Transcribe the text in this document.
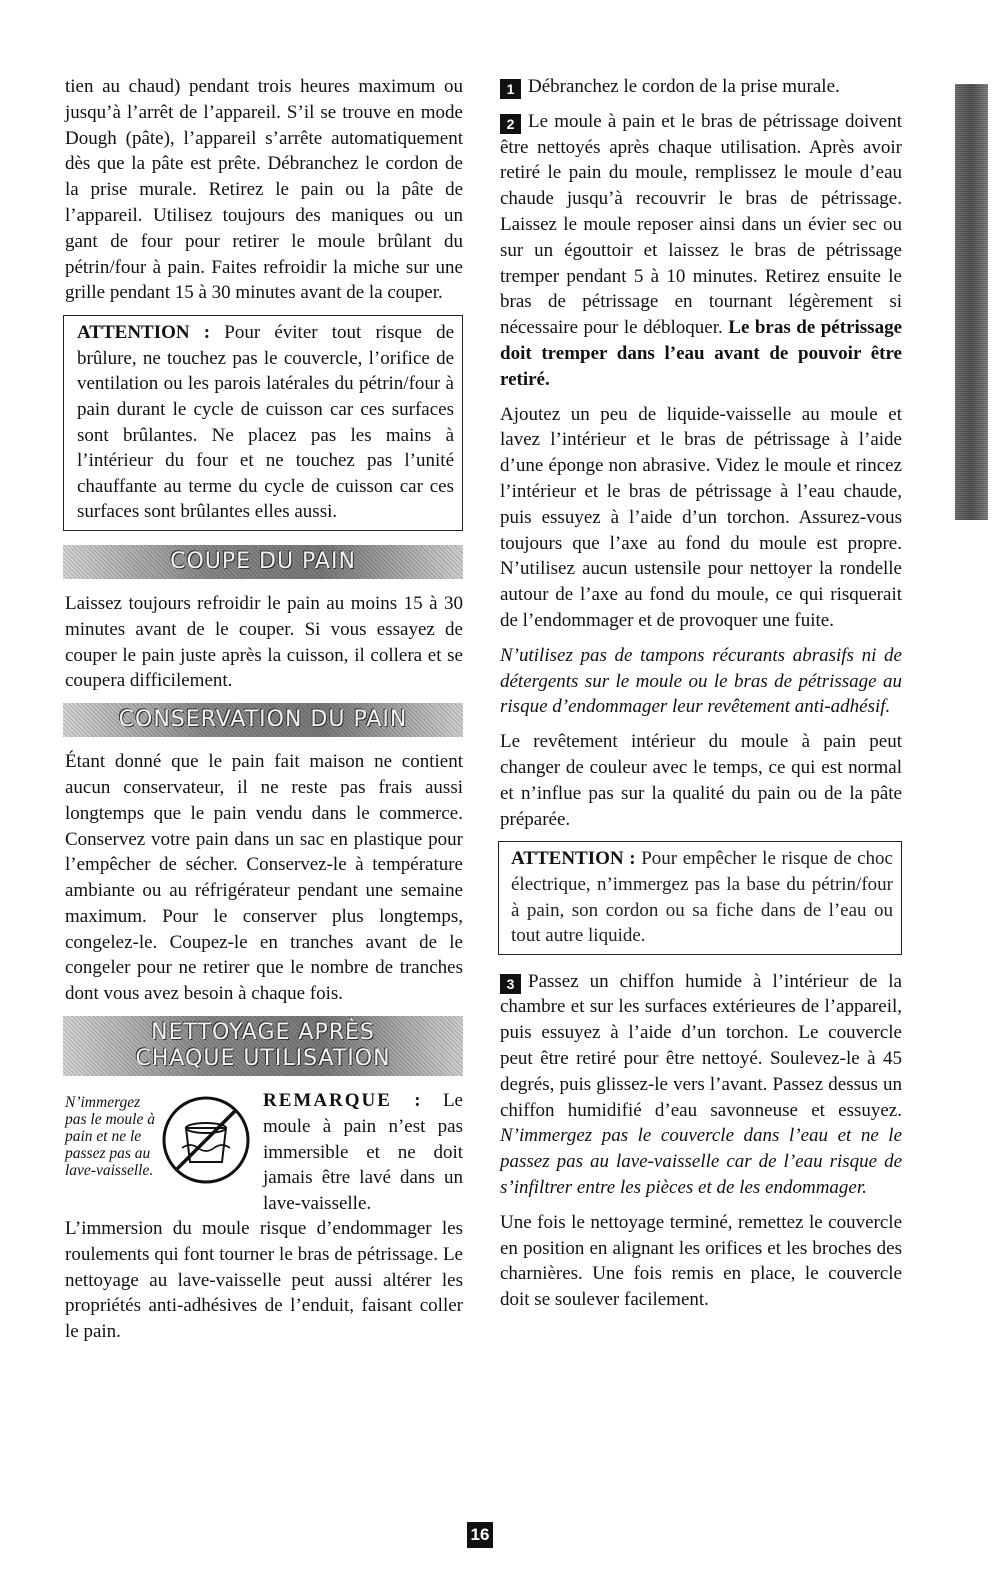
tien au chaud) pendant trois heures maximum ou jusqu’à l’arrêt de l’appareil. S’il se trouve en mode Dough (pâte), l’appareil s’arrête automatiquement dès que la pâte est prête. Débranchez le cordon de la prise murale. Retirez le pain ou la pâte de l’appareil. Utilisez toujours des maniques ou un gant de four pour retirer le moule brûlant du pétrin/four à pain. Faites refroidir la miche sur une grille pendant 15 à 30 minutes avant de la couper.

ATTENTION : Pour éviter tout risque de brûlure, ne touchez pas le couvercle, l’orifice de ventilation ou les parois latérales du pétrin/four à pain durant le cycle de cuisson car ces surfaces sont brûlantes. Ne placez pas les mains à l’intérieur du four et ne touchez pas l’unité chauffante au terme du cycle de cuisson car ces surfaces sont brûlantes elles aussi.
COUPE DU PAIN

Laissez toujours refroidir le pain au moins 15 à 30 minutes avant de le couper. Si vous essayez de couper le pain juste après la cuisson, il collera et se coupera difficilement.

CONSERVATION DU PAIN

Étant donné que le pain fait maison ne contient aucun conservateur, il ne reste pas frais aussi longtemps que le pain vendu dans le commerce. Conservez votre pain dans un sac en plastique pour l’empêcher de sécher. Conservez-le à température ambiante ou au réfrigérateur pendant une semaine maximum. Pour le conserver plus longtemps, congelez-le. Coupez-le en tranches avant de le congeler pour ne retirer que le nombre de tranches dont vous avez besoin à chaque fois.

NETTOYAGE APRÈS
CHAQUE UTILISATION
N’immergez pas le moule à pain et ne le passez pas au lave-vaisselle.
REMARQUE : Le moule à pain n’est pas immersible et ne doit jamais être lavé dans un lave-vaisselle.

L’immersion du moule risque d’endommager les roulements qui font tourner le bras de pétrissage. Le nettoyage au lave-vaisselle peut aussi altérer les propriétés anti-adhésives de l’enduit, faisant coller le pain.

1 Débranchez le cordon de la prise murale.

2 Le moule à pain et le bras de pétrissage doivent être nettoyés après chaque utilisation. Après avoir retiré le pain du moule, remplissez le moule d’eau chaude jusqu’à recouvrir le bras de pétrissage. Laissez le moule reposer ainsi dans un évier sec ou sur un égouttoir et laissez le bras de pétrissage tremper pendant 5 à 10 minutes. Retirez ensuite le bras de pétrissage en tournant légèrement si nécessaire pour le débloquer. Le bras de pétrissage doit tremper dans l’eau avant de pouvoir être retiré.

Ajoutez un peu de liquide-vaisselle au moule et lavez l’intérieur et le bras de pétrissage à l’aide d’une éponge non abrasive. Videz le moule et rincez l’intérieur et le bras de pétrissage à l’eau chaude, puis essuyez à l’aide d’un torchon. Assurez-vous toujours que l’axe au fond du moule est propre. N’utilisez aucun ustensile pour nettoyer la rondelle autour de l’axe au fond du moule, ce qui risquerait de l’endommager et de provoquer une fuite.

N’utilisez pas de tampons récurants abrasifs ni de détergents sur le moule ou le bras de pétrissage au risque d’endommager leur revêtement anti-adhésif.

Le revêtement intérieur du moule à pain peut changer de couleur avec le temps, ce qui est normal et n’influe pas sur la qualité du pain ou de la pâte préparée.

ATTENTION : Pour empêcher le risque de choc électrique, n’immergez pas la base du pétrin/four à pain, son cordon ou sa fiche dans de l’eau ou tout autre liquide.

3 Passez un chiffon humide à l’intérieur de la chambre et sur les surfaces extérieures de l’appareil, puis essuyez à l’aide d’un torchon. Le couvercle peut être retiré pour être nettoyé. Soulevez-le à 45 degrés, puis glissez-le vers l’avant. Passez dessus un chiffon humidifié d’eau savonneuse et essuyez. N’immergez pas le couvercle dans l’eau et ne le passez pas au lave-vaisselle car de l’eau risque de s’infiltrer entre les pièces et de les endommager.

Une fois le nettoyage terminé, remettez le couvercle en position en alignant les orifices et les broches des charnières. Une fois remis en place, le couvercle doit se soulever facilement.

16
